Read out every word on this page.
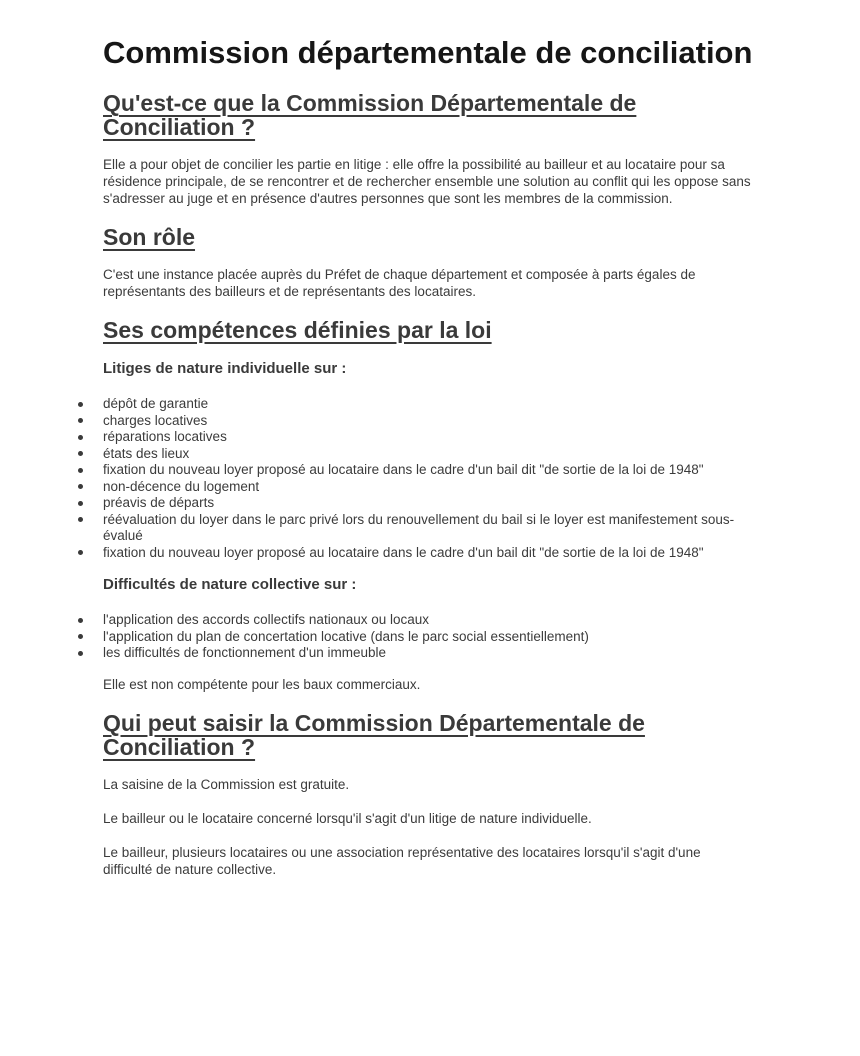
Commission départementale de conciliation
Qu'est-ce que la Commission Départementale de Conciliation ?

Elle a pour objet de concilier les partie en litige : elle offre la possibilité au bailleur et au locataire pour sa résidence principale, de se rencontrer et de rechercher ensemble une solution au conflit qui les oppose sans s'adresser au juge et en présence d'autres personnes que sont les membres de la commission.

Son rôle

C'est une instance placée auprès du Préfet de chaque département et composée à parts égales de représentants des bailleurs et de représentants des locataires.

Ses compétences définies par la loi
Litiges de nature individuelle sur :
dépôt de garantie
charges locatives
réparations locatives
états des lieux
fixation du nouveau loyer proposé au locataire dans le cadre d'un bail dit "de sortie de la loi de 1948"
non-décence du logement
préavis de départs
réévaluation du loyer dans le parc privé lors du renouvellement du bail si le loyer est manifestement sous-évalué
fixation du nouveau loyer proposé au locataire dans le cadre d'un bail dit "de sortie de la loi de 1948"
Difficultés de nature collective sur :
l'application des accords collectifs nationaux ou locaux
l'application du plan de concertation locative (dans le parc social essentiellement)
les difficultés de fonctionnement d'un immeuble

Elle est non compétente pour les baux commerciaux.

Qui peut saisir la Commission Départementale de Conciliation ?

La saisine de la Commission est gratuite.

Le bailleur ou le locataire concerné lorsqu'il s'agit d'un litige de nature individuelle.

Le bailleur, plusieurs locataires ou une association représentative des locataires lorsqu'il s'agit d'une difficulté de nature collective.
